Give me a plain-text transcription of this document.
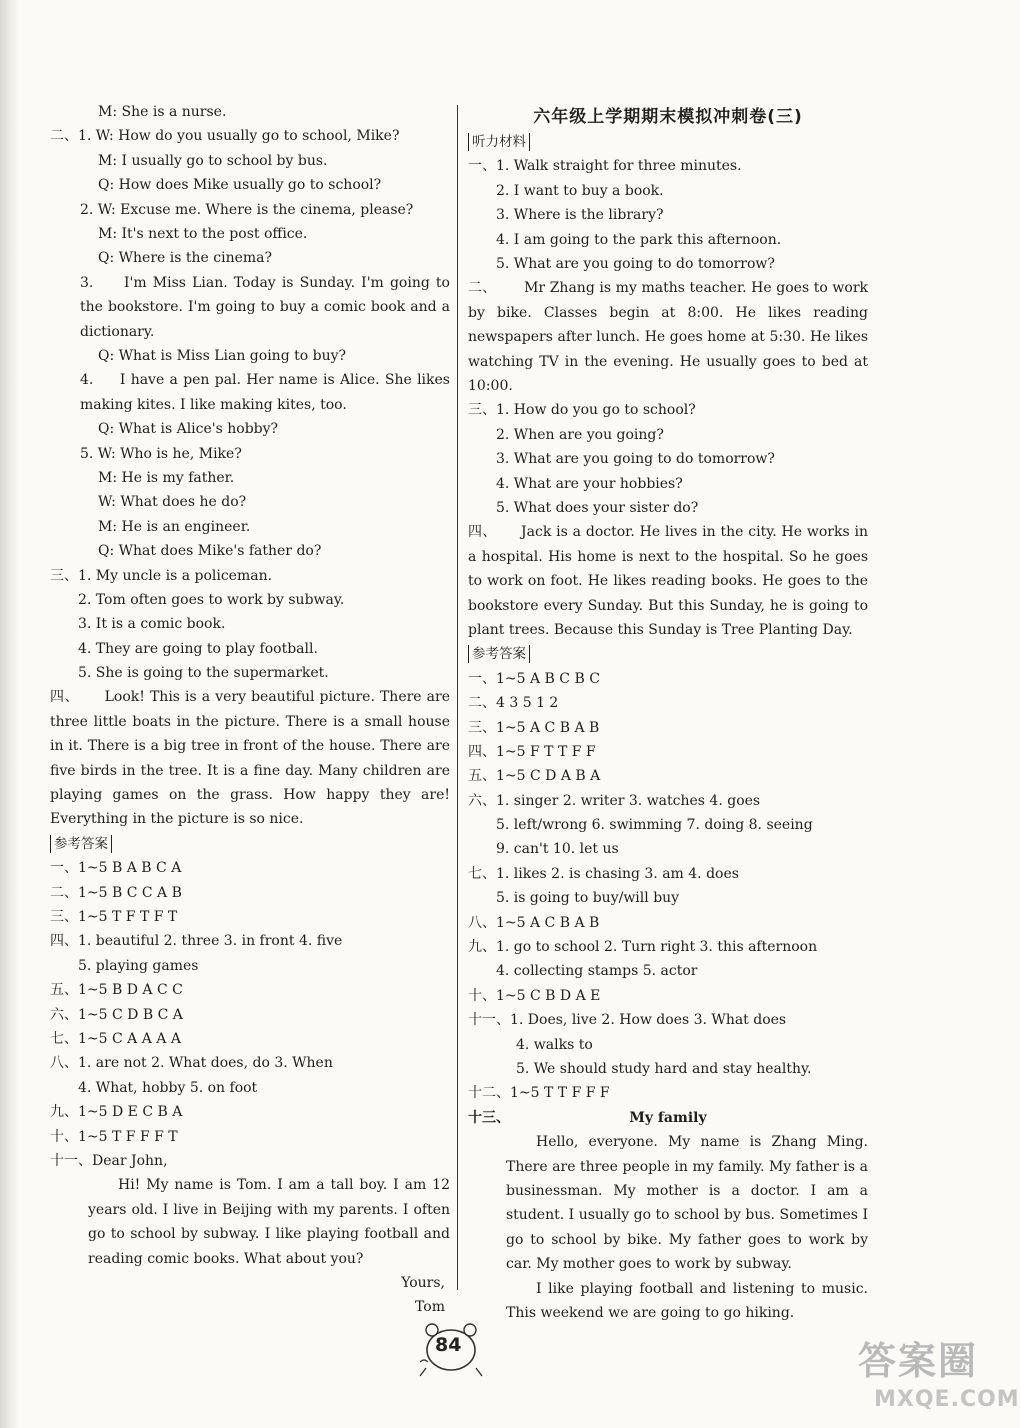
M: She is a nurse.
二、1. W: How do you usually go to school, Mike?
M: I usually go to school by bus.
Q: How does Mike usually go to school?
2. W: Excuse me. Where is the cinema, please?
M: It's next to the post office.
Q: Where is the cinema?
3. I'm Miss Lian. Today is Sunday. I'm going to the bookstore. I'm going to buy a comic book and a dictionary.
Q: What is Miss Lian going to buy?
4. I have a pen pal. Her name is Alice. She likes making kites. I like making kites, too.
Q: What is Alice's hobby?
5. W: Who is he, Mike?
M: He is my father.
W: What does he do?
M: He is an engineer.
Q: What does Mike's father do?
三、1. My uncle is a policeman.
2. Tom often goes to work by subway.
3. It is a comic book.
4. They are going to play football.
5. She is going to the supermarket.
四、 Look! This is a very beautiful picture. There are three little boats in the picture. There is a small house in it. There is a big tree in front of the house. There are five birds in the tree. It is a fine day. Many children are playing games on the grass. How happy they are! Everything in the picture is so nice.
参考答案
一、1~5 B A B C A
二、1~5 B C C A B
三、1~5 T F T F T
四、1. beautiful 2. three 3. in front 4. five
5. playing games
五、1~5 B D A C C
六、1~5 C D B C A
七、1~5 C A A A A
八、1. are not 2. What does, do 3. When
4. What, hobby 5. on foot
九、1~5 D E C B A
十、1~5 T F F F T
十一、Dear John,
Hi! My name is Tom. I am a tall boy. I am 12 years old. I live in Beijing with my parents. I often go to school by subway. I like playing football and reading comic books. What about you?
Yours,
Tom
六年级上学期期末模拟冲刺卷(三)
听力材料
一、1. Walk straight for three minutes.
2. I want to buy a book.
3. Where is the library?
4. I am going to the park this afternoon.
5. What are you going to do tomorrow?
二、 Mr Zhang is my maths teacher. He goes to work by bike. Classes begin at 8:00. He likes reading newspapers after lunch. He goes home at 5:30. He likes watching TV in the evening. He usually goes to bed at 10:00.
三、1. How do you go to school?
2. When are you going?
3. What are you going to do tomorrow?
4. What are your hobbies?
5. What does your sister do?
四、 Jack is a doctor. He lives in the city. He works in a hospital. His home is next to the hospital. So he goes to work on foot. He likes reading books. He goes to the bookstore every Sunday. But this Sunday, he is going to plant trees. Because this Sunday is Tree Planting Day.
参考答案
一、1~5 A B C B C
二、4 3 5 1 2
三、1~5 A C B A B
四、1~5 F T T F F
五、1~5 C D A B A
六、1. singer 2. writer 3. watches 4. goes
5. left/wrong 6. swimming 7. doing 8. seeing
9. can't 10. let us
七、1. likes 2. is chasing 3. am 4. does
5. is going to buy/will buy
八、1~5 A C B A B
九、1. go to school 2. Turn right 3. this afternoon
4. collecting stamps 5. actor
十、1~5 C B D A E
十一、1. Does, live 2. How does 3. What does
4. walks to
5. We should study hard and stay healthy.
十二、1~5 T T F F F
十三、	My family
Hello, everyone. My name is Zhang Ming. There are three people in my family. My father is a businessman. My mother is a doctor. I am a student. I usually go to school by bus. Sometimes I go to school by bike. My father goes to work by car. My mother goes to work by subway.
I like playing football and listening to music. This weekend we are going to go hiking.
84	答案圈
MXQE.COM
